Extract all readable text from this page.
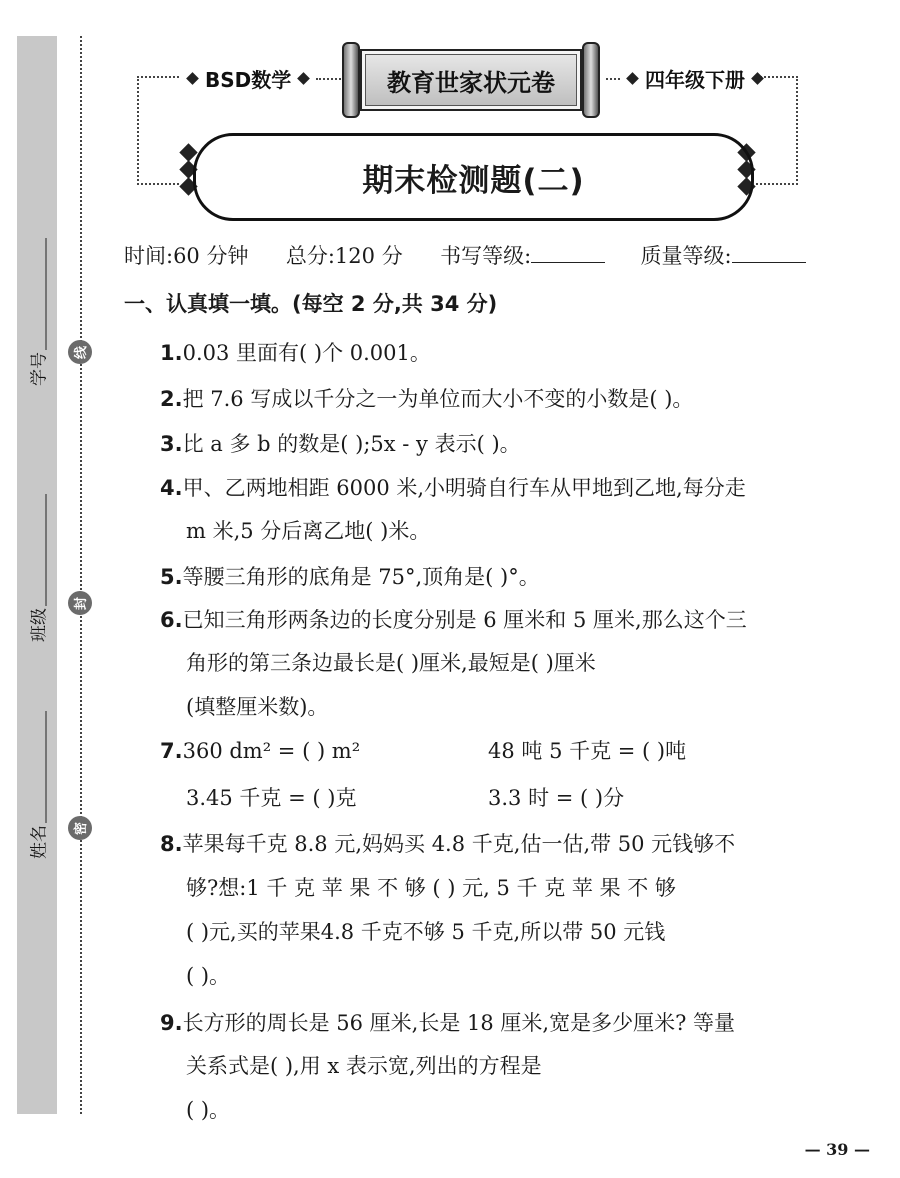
学号
班级
姓名
线
封
密
BSD数学	教育世家状元卷	四年级下册
期末检测题(二)
时间:60 分钟 总分:120 分 书写等级:	质量等级:
一、认真填一填。(每空 2 分,共 34 分)
1.0.03 里面有( )个 0.001。
2.把 7.6 写成以千分之一为单位而大小不变的小数是( )。
3.比 a 多 b 的数是( );5x - y 表示( )。
4.甲、乙两地相距 6000 米,小明骑自行车从甲地到乙地,每分走
m 米,5 分后离乙地( )米。
5.等腰三角形的底角是 75°,顶角是( )°。
6.已知三角形两条边的长度分别是 6 厘米和 5 厘米,那么这个三
角形的第三条边最长是( )厘米,最短是( )厘米
(填整厘米数)。
7.360 dm² = ( ) m²	48 吨 5 千克 = ( )吨
3.45 千克 = ( )克	3.3 时 = ( )分
8.苹果每千克 8.8 元,妈妈买 4.8 千克,估一估,带 50 元钱够不
够?想:1 千 克 苹 果 不 够 ( ) 元, 5 千 克 苹 果 不 够
( )元,买的苹果4.8 千克不够 5 千克,所以带 50 元钱
( )。
9.长方形的周长是 56 厘米,长是 18 厘米,宽是多少厘米? 等量
关系式是( ),用 x 表示宽,列出的方程是
( )。
— 39 —
